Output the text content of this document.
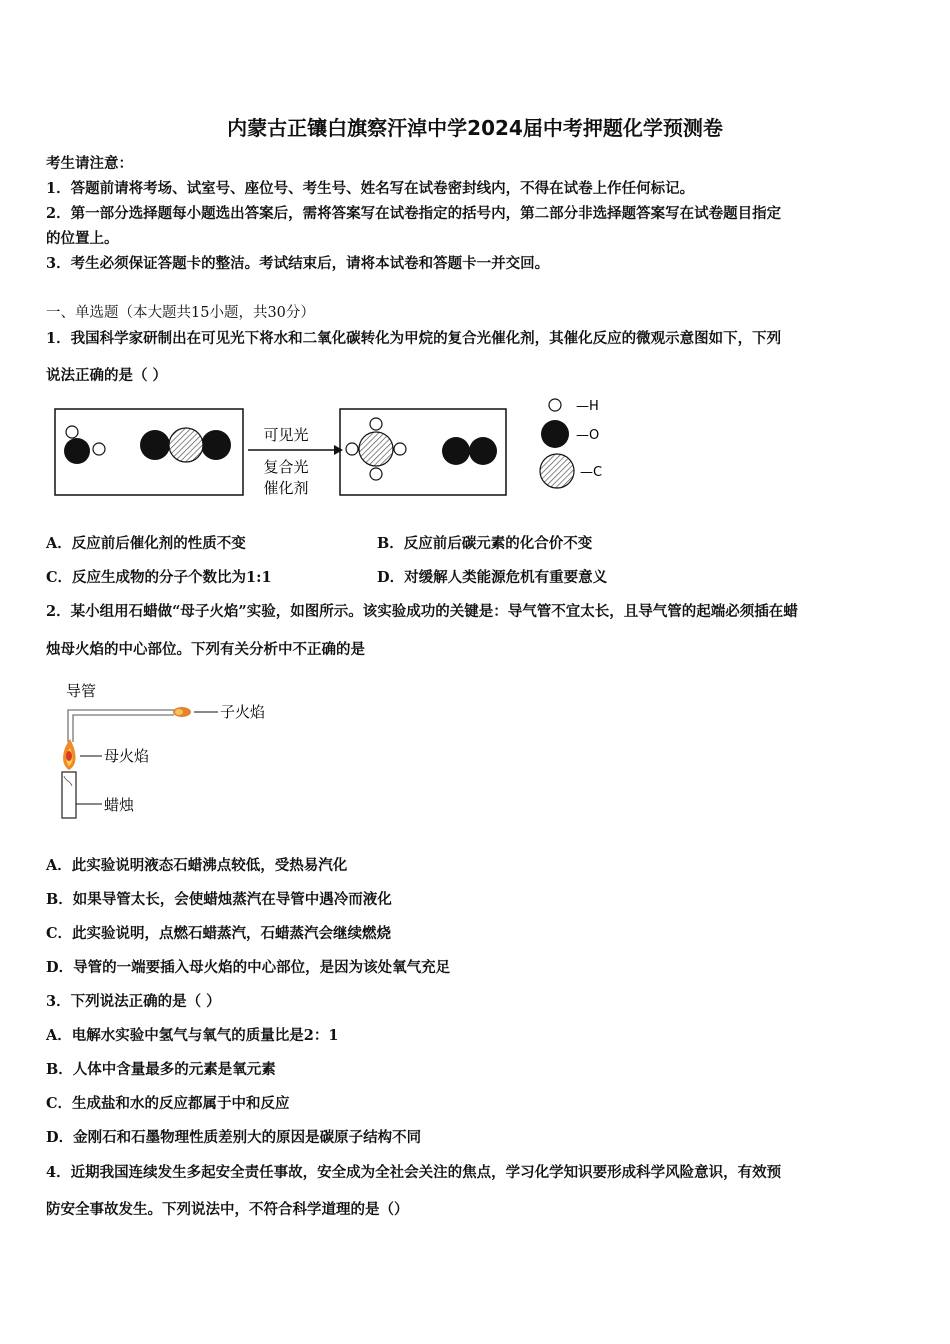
内蒙古正镶白旗察汗淖中学2024届中考押题化学预测卷
考生请注意：
1．答题前请将考场、试室号、座位号、考生号、姓名写在试卷密封线内，不得在试卷上作任何标记。
2．第一部分选择题每小题选出答案后，需将答案写在试卷指定的括号内，第二部分非选择题答案写在试卷题目指定
的位置上。
3．考生必须保证答题卡的整洁。考试结束后，请将本试卷和答题卡一并交回。
一、单选题（本大题共15小题，共30分）
1．我国科学家研制出在可见光下将水和二氧化碳转化为甲烷的复合光催化剂，其催化反应的微观示意图如下，下列
说法正确的是（ ）
可见光
复合光
催化剂
—H
—O
—C
A．反应前后催化剂的性质不变	B．反应前后碳元素的化合价不变
C．反应生成物的分子个数比为1:1	D．对缓解人类能源危机有重要意义
2．某小组用石蜡做“母子火焰”实验，如图所示。该实验成功的关键是：导气管不宜太长，且导气管的起端必须插在蜡
烛母火焰的中心部位。下列有关分析中不正确的是
导管
子火焰
母火焰
蜡烛
A．此实验说明液态石蜡沸点较低，受热易汽化
B．如果导管太长，会使蜡烛蒸汽在导管中遇冷而液化
C．此实验说明，点燃石蜡蒸汽，石蜡蒸汽会继续燃烧
D．导管的一端要插入母火焰的中心部位，是因为该处氧气充足
3．下列说法正确的是（ ）
A．电解水实验中氢气与氧气的质量比是2：1
B．人体中含量最多的元素是氧元素
C．生成盐和水的反应都属于中和反应
D．金刚石和石墨物理性质差别大的原因是碳原子结构不同
4．近期我国连续发生多起安全责任事故，安全成为全社会关注的焦点，学习化学知识要形成科学风险意识，有效预
防安全事故发生。下列说法中，不符合科学道理的是（）
